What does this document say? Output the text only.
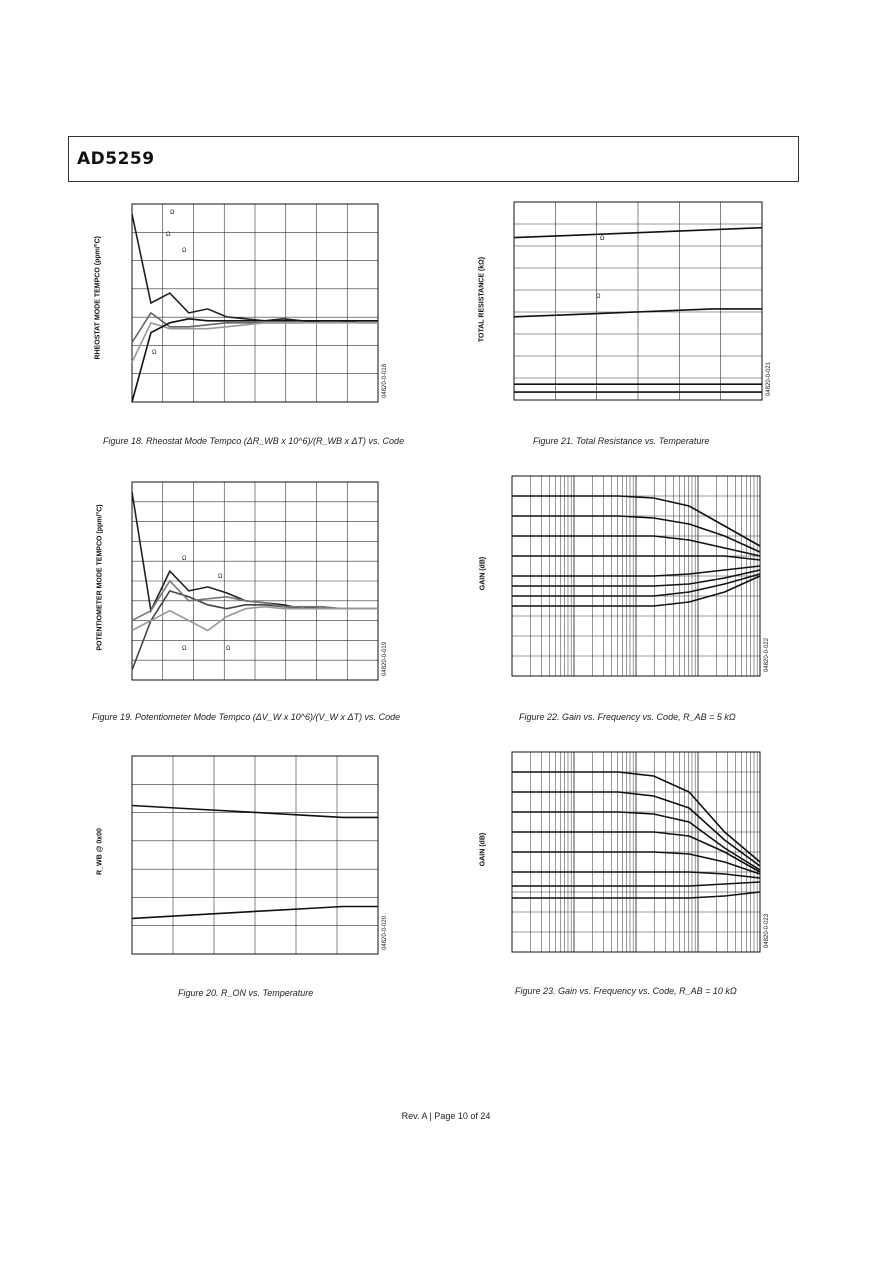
AD5259
04820-0-018
Ω
Ω
Ω
Ω
RHEOSTAT MODE TEMPCO (ppm/°C)
Figure 18. Rheostat Mode Tempco (ΔR_WB x 10^6)/(R_WB x ΔT) vs. Code
04820-0-019
Ω
Ω
Ω	Ω
POTENTIOMETER MODE TEMPCO (ppm/°C)
Figure 19. Potentiometer Mode Tempco (ΔV_W x 10^6)/(V_W x ΔT) vs. Code
04820-0-020
R_WB @ 0x00
Figure 20. R_ON vs. Temperature
04820-0-021
Ω
Ω
TOTAL RESISTANCE (kΩ)
Figure 21. Total Resistance vs. Temperature
04820-0-022
GAIN (dB)
Figure 22. Gain vs. Frequency vs. Code, R_AB = 5 kΩ
04820-0-023
GAIN (dB)
Figure 23. Gain vs. Frequency vs. Code, R_AB = 10 kΩ
Rev. A | Page 10 of 24
